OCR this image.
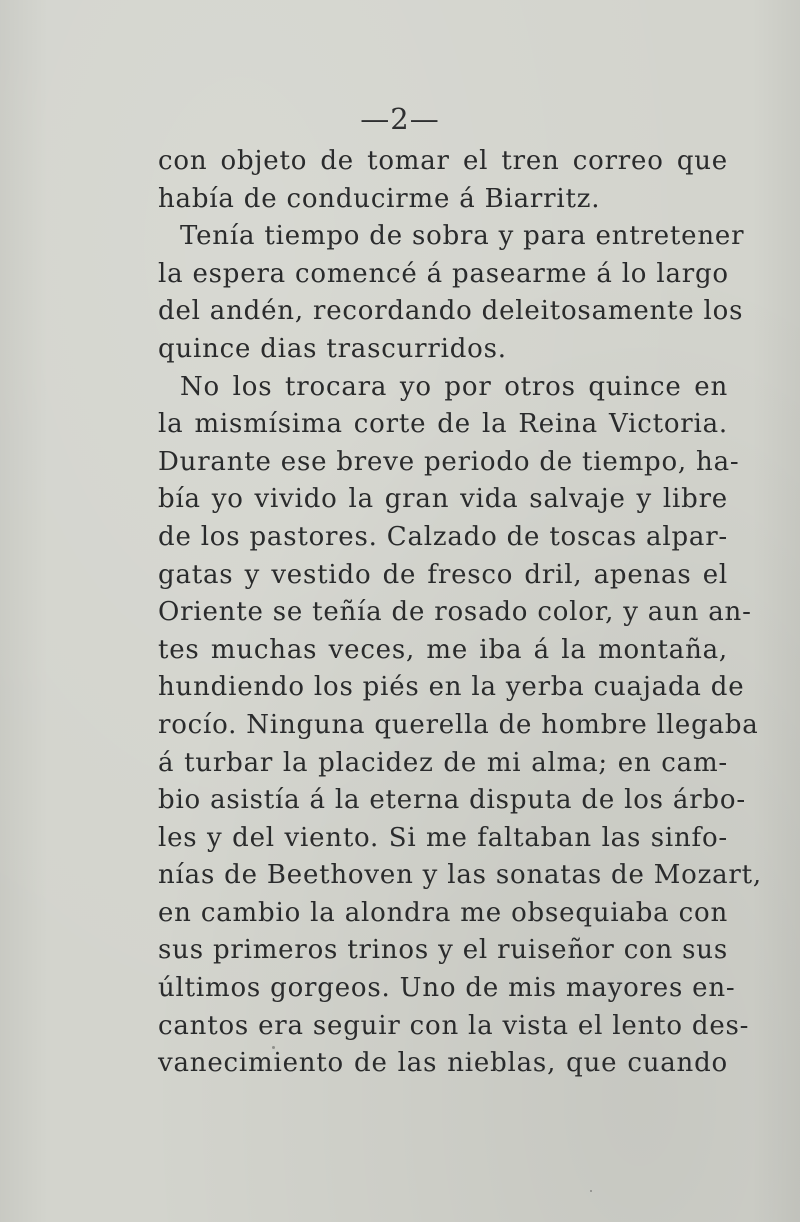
—2—
con objeto de tomar el tren correo que
había de conducirme á Biarritz.
Tenía tiempo de sobra y para entretener
la espera comencé á pasearme á lo largo
del andén, recordando deleitosamente los
quince dias trascurridos.
No los trocara yo por otros quince en
la mismísima corte de la Reina Victoria.
Durante ese breve periodo de tiempo, ha-
bía yo vivido la gran vida salvaje y libre
de los pastores. Calzado de toscas alpar-
gatas y vestido de fresco dril, apenas el
Oriente se teñía de rosado color, y aun an-
tes muchas veces, me iba á la montaña,
hundiendo los piés en la yerba cuajada de
rocío. Ninguna querella de hombre llegaba
á turbar la placidez de mi alma; en cam-
bio asistía á la eterna disputa de los árbo-
les y del viento. Si me faltaban las sinfo-
nías de Beethoven y las sonatas de Mozart,
en cambio la alondra me obsequiaba con
sus primeros trinos y el ruiseñor con sus
últimos gorgeos. Uno de mis mayores en-
cantos era seguir con la vista el lento des-
vanecimiento de las nieblas, que cuando
